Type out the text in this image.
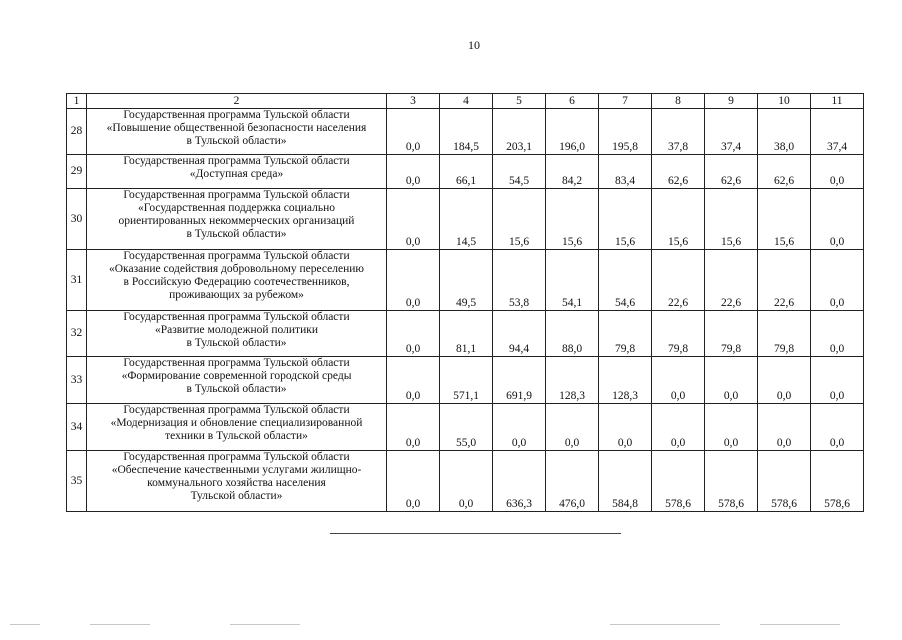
10
1	2	3	4	5	6	7	8	9	10	11
28	Государственная программа Тульской области
«Повышение общественной безопасности населения
в Тульской области»	0,0	184,5	203,1	196,0	195,8	37,8	37,4	38,0	37,4
29	Государственная программа Тульской области
«Доступная среда»	0,0	66,1	54,5	84,2	83,4	62,6	62,6	62,6	0,0
30	Государственная программа Тульской области
«Государственная поддержка социально
ориентированных некоммерческих организаций
в Тульской области»	0,0	14,5	15,6	15,6	15,6	15,6	15,6	15,6	0,0
31	Государственная программа Тульской области
«Оказание содействия добровольному переселению
в Российскую Федерацию соотечественников,
проживающих за рубежом»	0,0	49,5	53,8	54,1	54,6	22,6	22,6	22,6	0,0
32	Государственная программа Тульской области
«Развитие молодежной политики
в Тульской области»	0,0	81,1	94,4	88,0	79,8	79,8	79,8	79,8	0,0
33	Государственная программа Тульской области
«Формирование современной городской среды
в Тульской области»	0,0	571,1	691,9	128,3	128,3	0,0	0,0	0,0	0,0
34	Государственная программа Тульской области
«Модернизация и обновление специализированной
техники в Тульской области»	0,0	55,0	0,0	0,0	0,0	0,0	0,0	0,0	0,0
35	Государственная программа Тульской области
«Обеспечение качественными услугами жилищно-
коммунального хозяйства населения
Тульской области»	0,0	0,0	636,3	476,0	584,8	578,6	578,6	578,6	578,6
